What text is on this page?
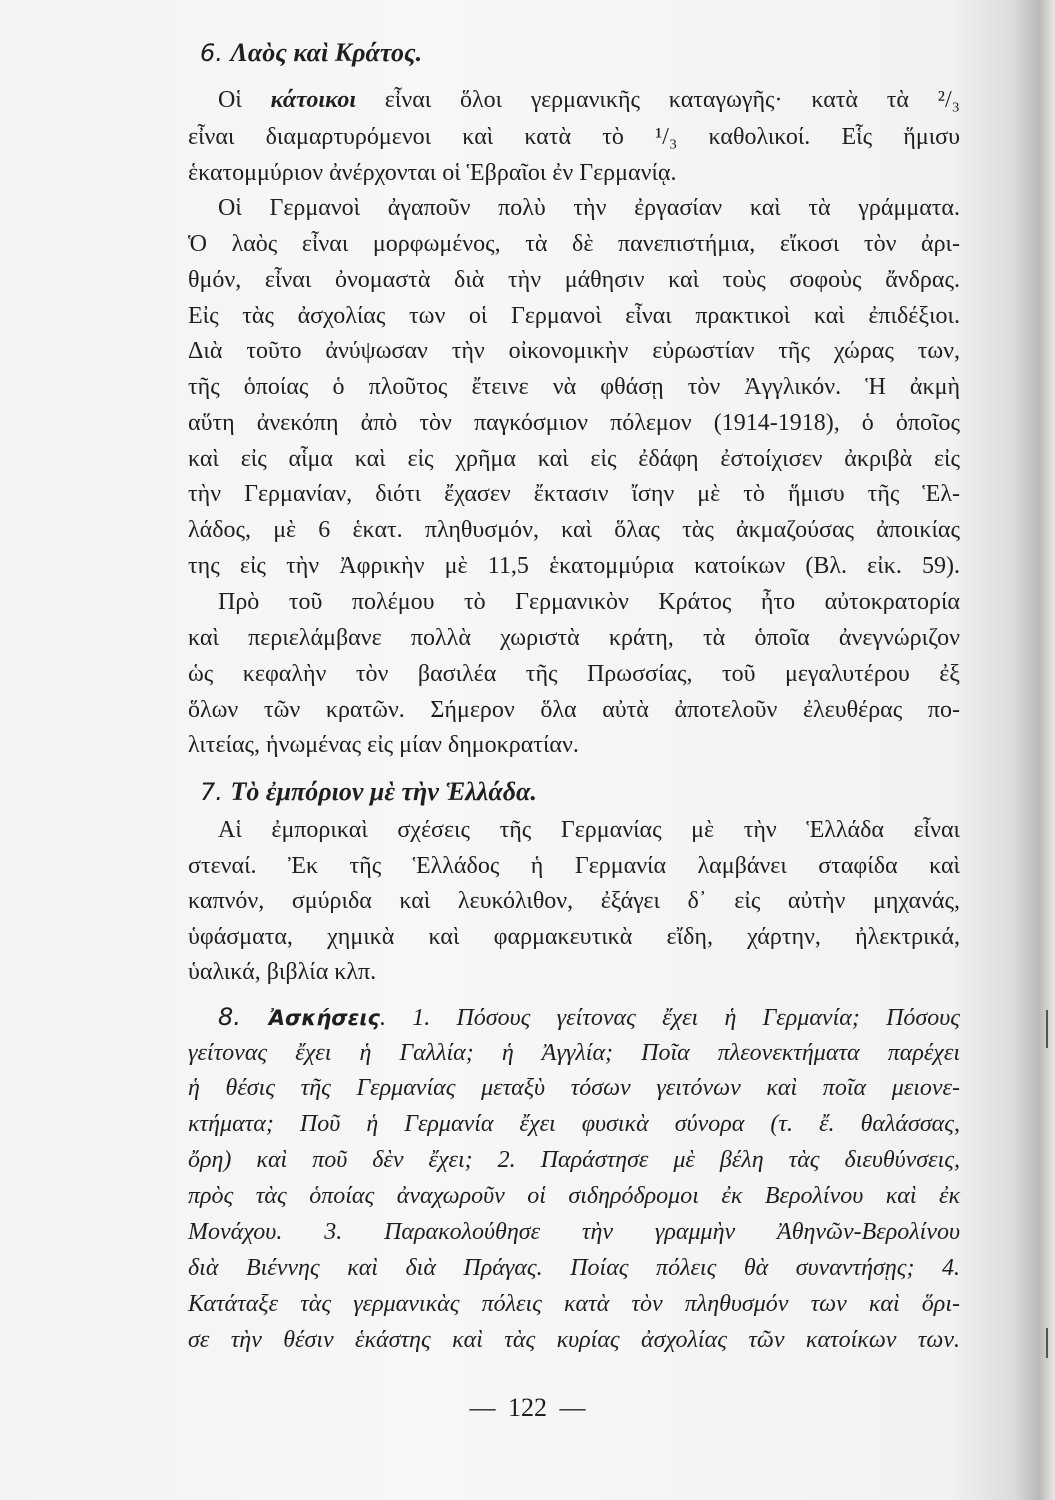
6. Λαὸς καὶ Κράτος.
Οἱ κάτοικοι εἶναι ὅλοι γερμανικῆς καταγωγῆς· κατὰ τὰ ²/₃
εἶναι διαμαρτυρόμενοι καὶ κατὰ τὸ ¹/₃ καθολικοί. Εἷς ἥμισυ
ἑκατομμύριον ἀνέρχονται οἱ Ἑβραῖοι ἐν Γερμανίᾳ.
Οἱ Γερμανοὶ ἀγαποῦν πολὺ τὴν ἐργασίαν καὶ τὰ γράμματα.
Ὁ λαὸς εἶναι μορφωμένος, τὰ δὲ πανεπιστήμια, εἴκοσι τὸν ἀρι-
θμόν, εἶναι ὀνομαστὰ διὰ τὴν μάθησιν καὶ τοὺς σοφοὺς ἄνδρας.
Εἰς τὰς ἀσχολίας των οἱ Γερμανοὶ εἶναι πρακτικοὶ καὶ ἐπιδέξιοι.
Διὰ τοῦτο ἀνύψωσαν τὴν οἰκονομικὴν εὐρωστίαν τῆς χώρας των,
τῆς ὁποίας ὁ πλοῦτος ἔτεινε νὰ φθάσῃ τὸν Ἀγγλικόν. Ἡ ἀκμὴ
αὕτη ἀνεκόπη ἀπὸ τὸν παγκόσμιον πόλεμον (1914-1918), ὁ ὁποῖος
καὶ εἰς αἷμα καὶ εἰς χρῆμα καὶ εἰς ἐδάφη ἐστοίχισεν ἀκριβὰ εἰς
τὴν Γερμανίαν, διότι ἔχασεν ἔκτασιν ἴσην μὲ τὸ ἥμισυ τῆς Ἑλ-
λάδος, μὲ 6 ἑκατ. πληθυσμόν, καὶ ὅλας τὰς ἀκμαζούσας ἀποικίας
της εἰς τὴν Ἀφρικὴν μὲ 11,5 ἑκατομμύρια κατοίκων (Βλ. εἰκ. 59).
Πρὸ τοῦ πολέμου τὸ Γερμανικὸν Κράτος ἦτο αὐτοκρατορία
καὶ περιελάμβανε πολλὰ χωριστὰ κράτη, τὰ ὁποῖα ἀνεγνώριζον
ὡς κεφαλὴν τὸν βασιλέα τῆς Πρωσσίας, τοῦ μεγαλυτέρου ἐξ
ὅλων τῶν κρατῶν. Σήμερον ὅλα αὐτὰ ἀποτελοῦν ἐλευθέρας πο-
λιτείας, ἡνωμένας εἰς μίαν δημοκρατίαν.
7. Τὸ ἐμπόριον μὲ τὴν Ἑλλάδα.
Αἱ ἐμπορικαὶ σχέσεις τῆς Γερμανίας μὲ τὴν Ἑλλάδα εἶναι
στεναί. Ἐκ τῆς Ἑλλάδος ἡ Γερμανία λαμβάνει σταφίδα καὶ
καπνόν, σμύριδα καὶ λευκόλιθον, ἐξάγει δ᾽ εἰς αὐτὴν μηχανάς,
ὑφάσματα, χημικὰ καὶ φαρμακευτικὰ εἴδη, χάρτην, ἠλεκτρικά,
ὑαλικά, βιβλία κλπ.
8. Ἀσκήσεις. 1. Πόσους γείτονας ἔχει ἡ Γερμανία; Πόσους
γείτονας ἔχει ἡ Γαλλία; ἡ Ἀγγλία; Ποῖα πλεονεκτήματα παρέχει
ἡ θέσις τῆς Γερμανίας μεταξὺ τόσων γειτόνων καὶ ποῖα μειονε-
κτήματα; Ποῦ ἡ Γερμανία ἔχει φυσικὰ σύνορα (τ. ἔ. θαλάσσας,
ὄρη) καὶ ποῦ δὲν ἔχει; 2. Παράστησε μὲ βέλη τὰς διευθύνσεις,
πρὸς τὰς ὁποίας ἀναχωροῦν οἱ σιδηρόδρομοι ἐκ Βερολίνου καὶ ἐκ
Μονάχου. 3. Παρακολούθησε τὴν γραμμὴν Ἀθηνῶν-Βερολίνου
διὰ Βιέννης καὶ διὰ Πράγας. Ποίας πόλεις θὰ συναντήσῃς; 4.
Κατάταξε τὰς γερμανικὰς πόλεις κατὰ τὸν πληθυσμόν των καὶ ὅρι-
σε τὴν θέσιν ἑκάστης καὶ τὰς κυρίας ἀσχολίας τῶν κατοίκων των.
— 122 —
